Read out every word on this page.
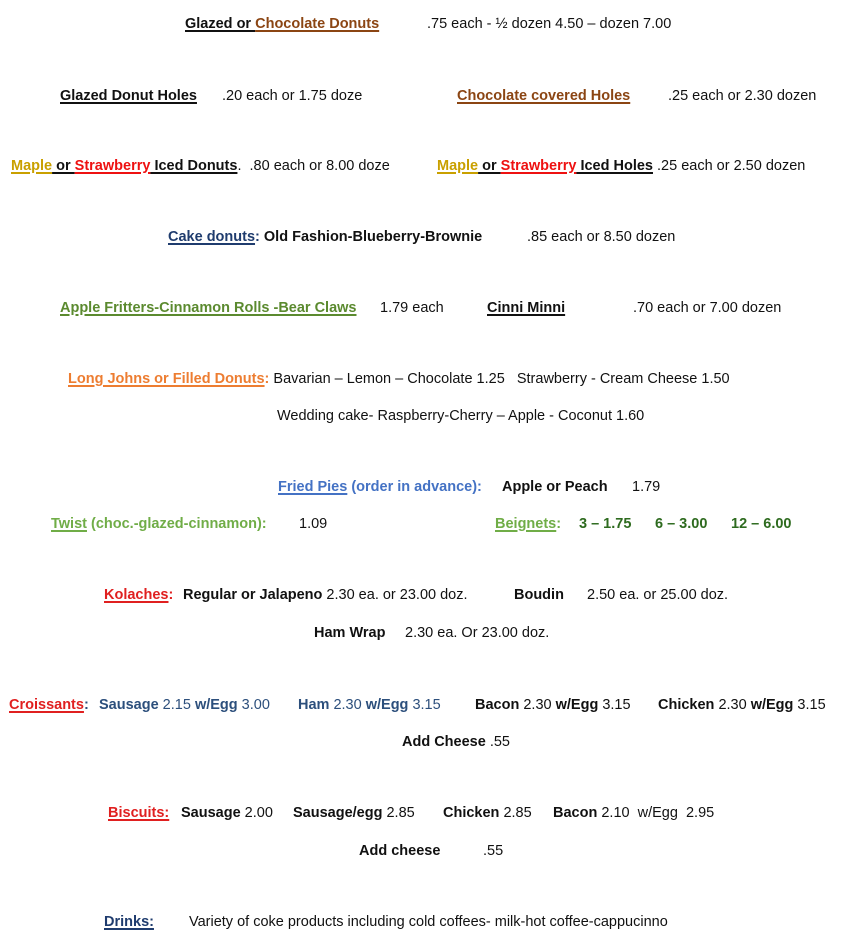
Glazed or Chocolate Donuts	.75 each - ½ dozen 4.50 – dozen 7.00
Glazed Donut Holes .20 each or 1.75 doze	Chocolate covered Holes	.25 each or 2.30 dozen
Maple or Strawberry Iced Donuts.  .80 each or 8.00 doze	Maple or Strawberry Iced Holes .25 each or 2.50 dozen
Cake donuts: Old Fashion-Blueberry-Brownie	.85 each or 8.50 dozen
Apple Fritters-Cinnamon Rolls -Bear Claws 1.79 each	Cinni Minni	.70 each or 7.00 dozen
Long Johns or Filled Donuts: Bavarian – Lemon – Chocolate 1.25   Strawberry - Cream Cheese 1.50
Wedding cake- Raspberry-Cherry – Apple - Coconut 1.60
Fried Pies (order in advance): Apple or Peach 1.79
Twist (choc.-glazed-cinnamon): 1.09	Beignets: 3 – 1.75 6 – 3.00 12 – 6.00
Kolaches: Regular or Jalapeno 2.30 ea. or 23.00 doz.	Boudin 2.50 ea. or 25.00 doz.
Ham Wrap 2.30 ea. Or 23.00 doz.
Croissants: Sausage 2.15 w/Egg 3.00 Ham 2.30 w/Egg 3.15 Bacon 2.30 w/Egg 3.15 Chicken 2.30 w/Egg 3.15
Add Cheese .55
Biscuits: Sausage 2.00 Sausage/egg 2.85 Chicken 2.85 Bacon 2.10  w/Egg  2.95
Add cheese	.55
Drinks: Variety of coke products including cold coffees- milk-hot coffee-cappucinno
